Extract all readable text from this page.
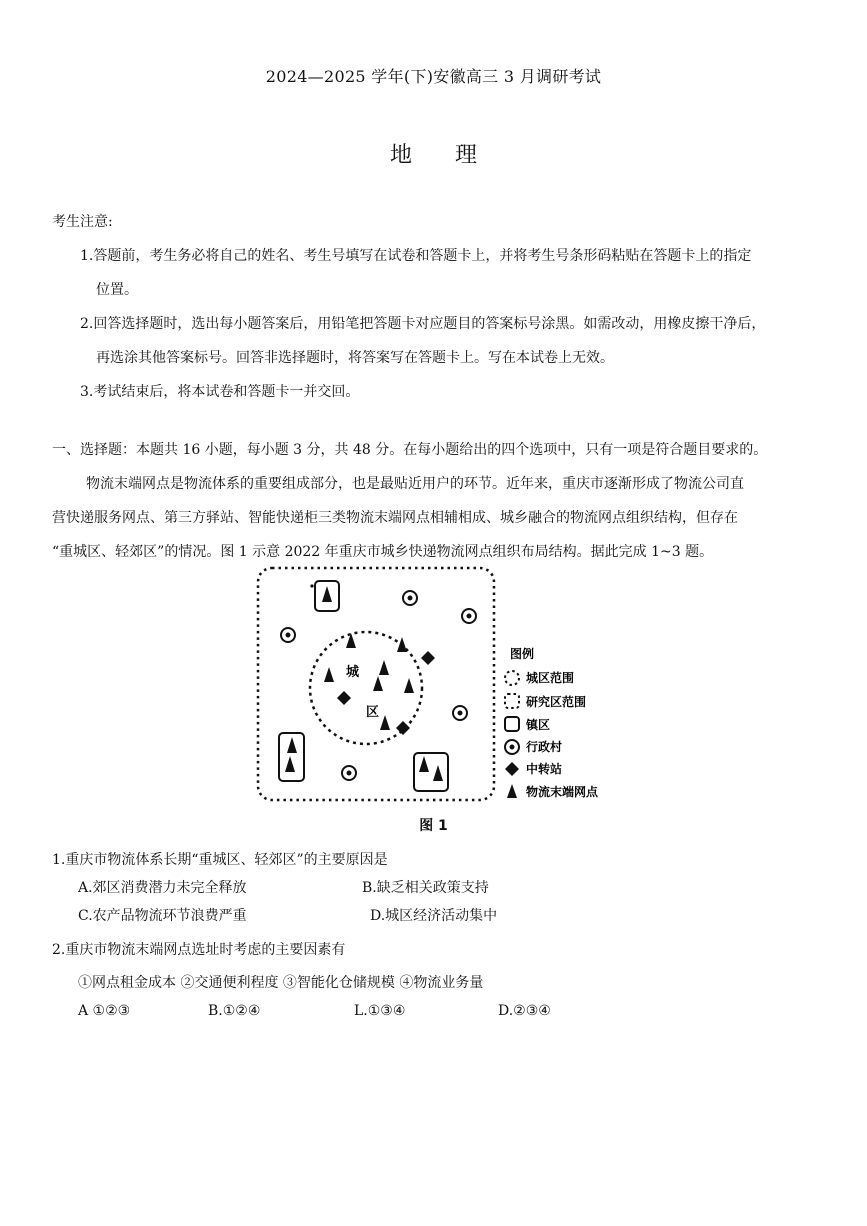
2024—2025 学年(下)安徽高三 3 月调研考试
地 理
考生注意:
1.答题前，考生务必将自己的姓名、考生号填写在试卷和答题卡上，并将考生号条形码粘贴在答题卡上的指定
位置。
2.回答选择题时，选出每小题答案后，用铅笔把答题卡对应题目的答案标号涂黑。如需改动，用橡皮擦干净后，
再选涂其他答案标号。回答非选择题时，将答案写在答题卡上。写在本试卷上无效。
3.考试结束后，将本试卷和答题卡一并交回。
一、选择题：本题共 16 小题，每小题 3 分，共 48 分。在每小题给出的四个选项中，只有一项是符合题目要求的。
物流末端网点是物流体系的重要组成部分，也是最贴近用户的环节。近年来，重庆市逐渐形成了物流公司直
营快递服务网点、第三方驿站、智能快递柜三类物流末端网点相辅相成、城乡融合的物流网点组织结构，但存在
“重城区、轻郊区”的情况。图 1 示意 2022 年重庆市城乡快递物流网点组织布局结构。据此完成 1~3 题。
城
区
图例
城区范围
研究区范围
镇区
行政村
中转站
物流末端网点
图 1
1.重庆市物流体系长期“重城区、轻郊区”的主要原因是
A.郊区消费潜力未完全释放	B.缺乏相关政策支持
C.农产品物流环节浪费严重	D.城区经济活动集中
2.重庆市物流末端网点选址时考虑的主要因素有
①网点租金成本 ②交通便利程度 ③智能化仓储规模 ④物流业务量
A ①②③	B.①②④	L.①③④	D.②③④
